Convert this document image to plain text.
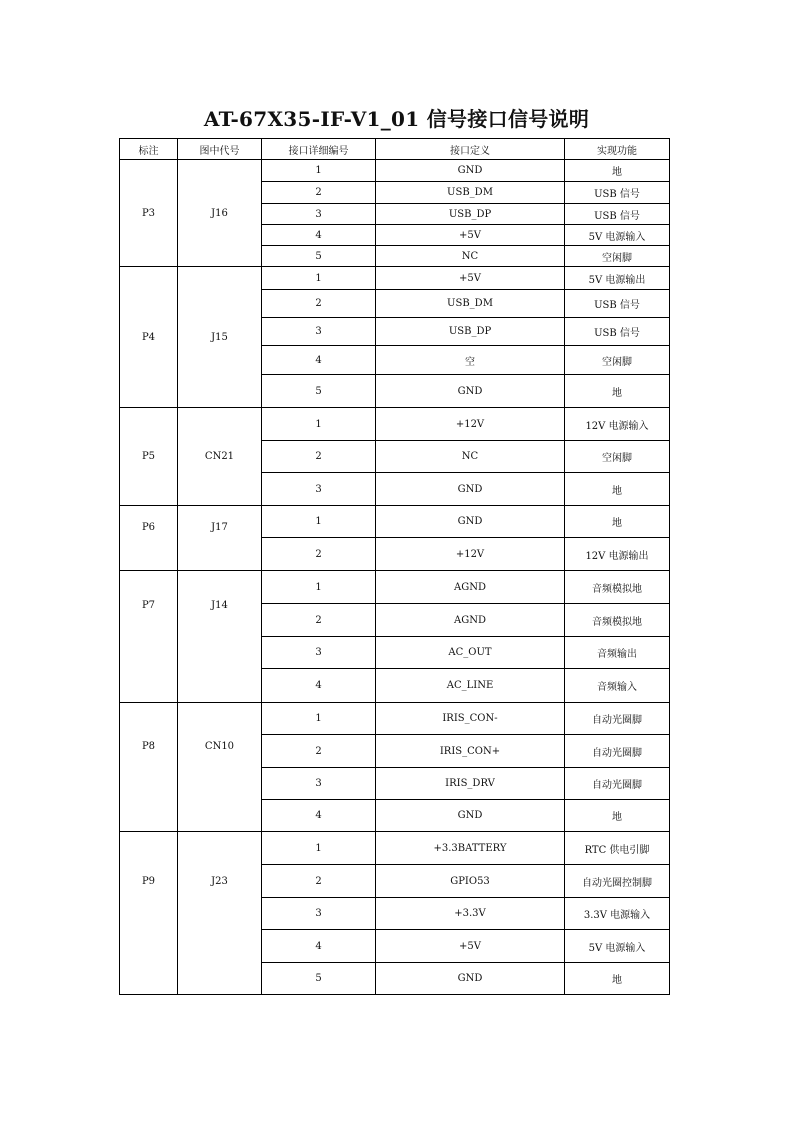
AT-67X35-IF-V1_01 信号接口信号说明
标注	图中代号	接口详细编号	接口定义	实现功能
P3	J16	1	GND	地
		2	USB_DM	USB 信号
		3	USB_DP	USB 信号
		4	+5V	5V 电源输入
		5	NC	空闲脚
P4	J15	1	+5V	5V 电源输出
		2	USB_DM	USB 信号
		3	USB_DP	USB 信号
		4	空	空闲脚
		5	GND	地
P5	CN21	1	+12V	12V 电源输入
		2	NC	空闲脚
		3	GND	地
P6	J17	1	GND	地
		2	+12V	12V 电源输出
P7	J14	1	AGND	音频模拟地
		2	AGND	音频模拟地
		3	AC_OUT	音频输出
		4	AC_LINE	音频输入
P8	CN10	1	IRIS_CON-	自动光圈脚
		2	IRIS_CON+	自动光圈脚
		3	IRIS_DRV	自动光圈脚
		4	GND	地
P9	J23	1	+3.3BATTERY	RTC 供电引脚
		2	GPIO53	自动光圈控制脚
		3	+3.3V	3.3V 电源输入
		4	+5V	5V 电源输入
		5	GND	地
